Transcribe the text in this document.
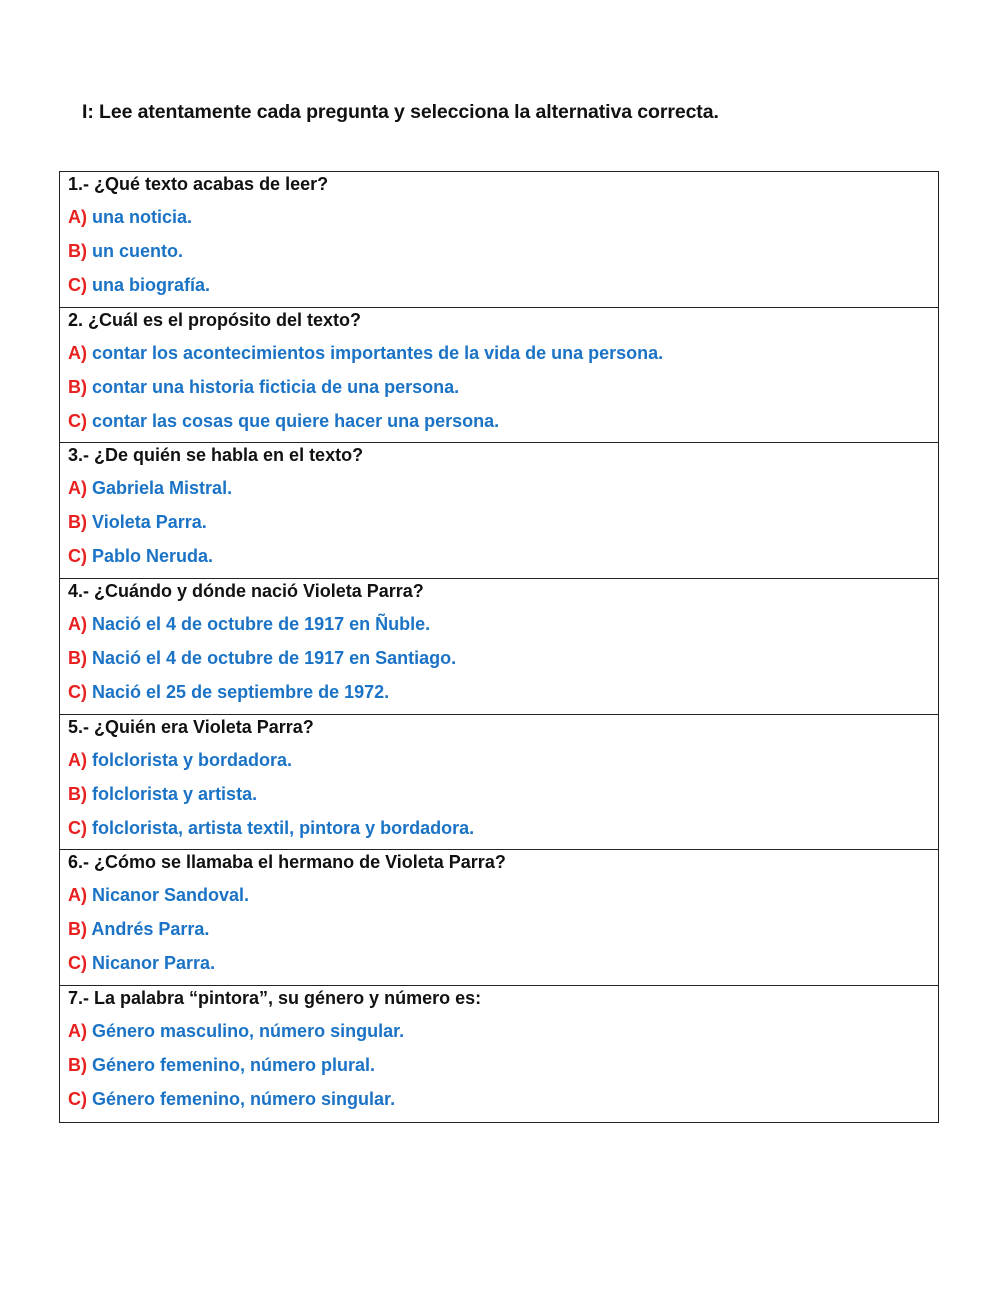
I: Lee atentamente cada pregunta y selecciona la alternativa correcta.
1.- ¿Qué texto acabas de leer?
A) una noticia.
B) un cuento.
C) una biografía.
2. ¿Cuál es el propósito del texto?
A) contar los acontecimientos importantes de la vida de una persona.
B) contar una historia ficticia de una persona.
C) contar las cosas que quiere hacer una persona.
3.- ¿De quién se habla en el texto?
A) Gabriela Mistral.
B) Violeta Parra.
C) Pablo Neruda.
4.- ¿Cuándo y dónde nació Violeta Parra?
A) Nació el 4 de octubre de 1917 en Ñuble.
B) Nació el 4 de octubre de 1917 en Santiago.
C) Nació el 25 de septiembre de 1972.
5.- ¿Quién era Violeta Parra?
A) folclorista y bordadora.
B) folclorista y artista.
C) folclorista, artista textil, pintora y bordadora.
6.- ¿Cómo se llamaba el hermano de Violeta Parra?
A) Nicanor Sandoval.
B) Andrés Parra.
C) Nicanor Parra.
7.- La palabra “pintora”, su género y número es:
A) Género masculino, número singular.
B) Género femenino, número plural.
C) Género femenino, número singular.
